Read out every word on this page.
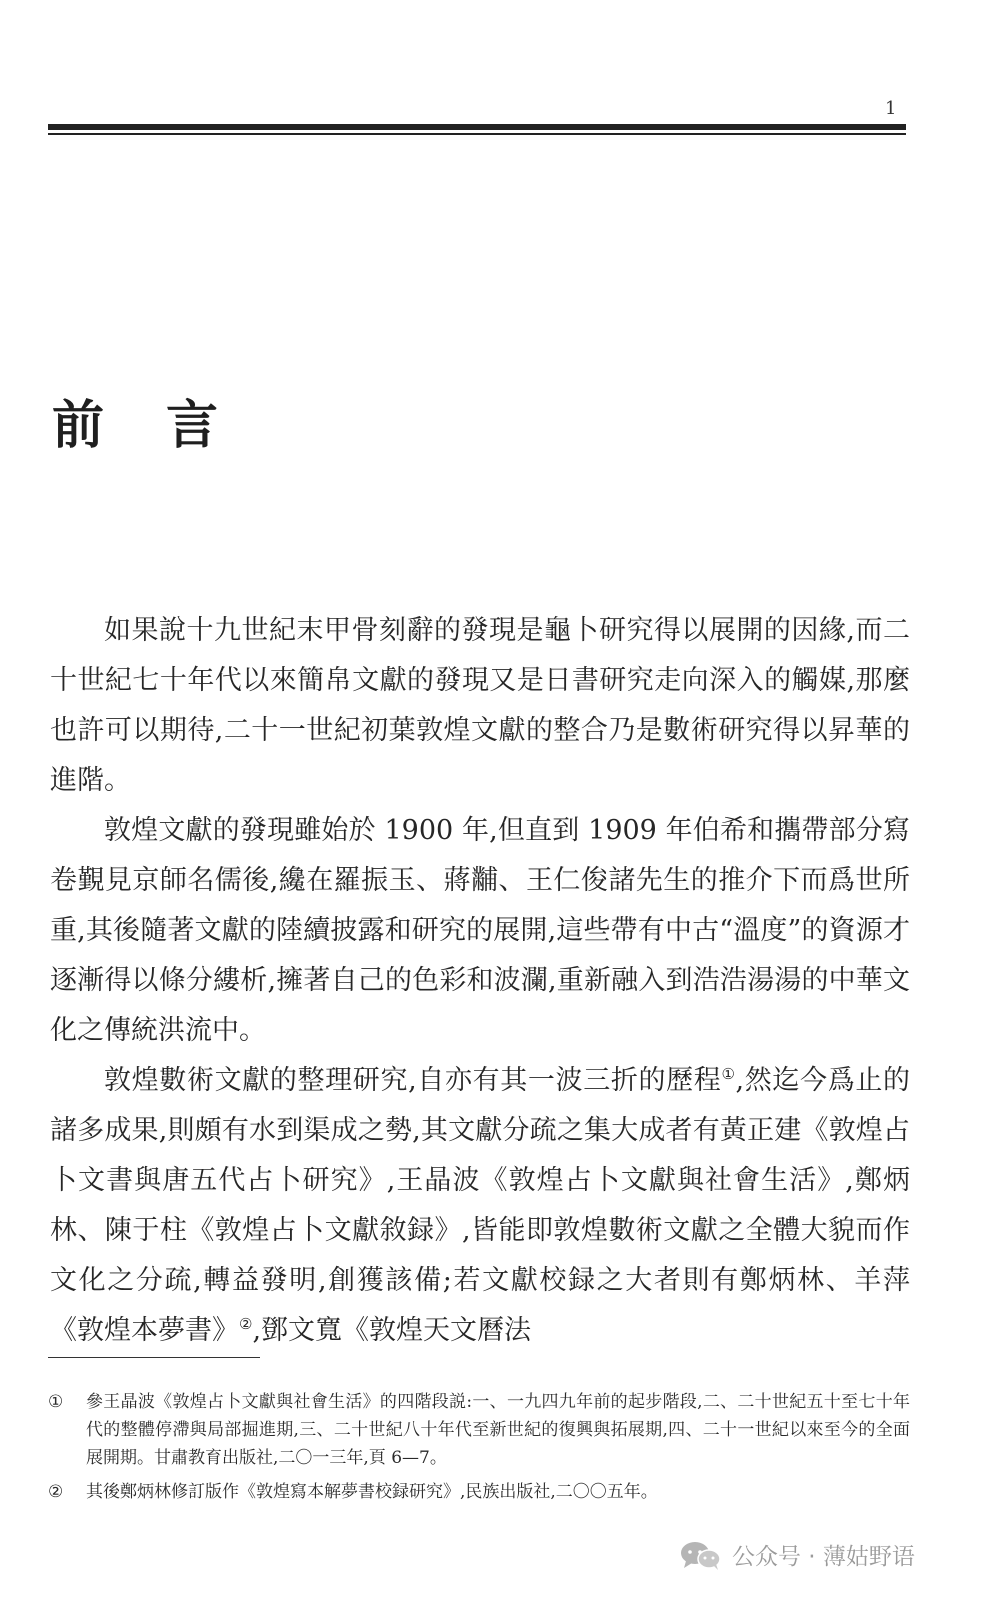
1
前言

如果說十九世紀末甲骨刻辭的發現是龜卜研究得以展開的因緣,而二十世紀七十年代以來簡帛文獻的發現又是日書研究走向深入的觸媒,那麼也許可以期待,二十一世紀初葉敦煌文獻的整合乃是數術研究得以昇華的進階。

敦煌文獻的發現雖始於 1900 年,但直到 1909 年伯希和攜帶部分寫卷覲見京師名儒後,纔在羅振玉、蔣黼、王仁俊諸先生的推介下而爲世所重,其後隨著文獻的陸續披露和研究的展開,這些帶有中古“溫度”的資源才逐漸得以條分縷析,擁著自己的色彩和波瀾,重新融入到浩浩湯湯的中華文化之傳統洪流中。

敦煌數術文獻的整理研究,自亦有其一波三折的歷程①,然迄今爲止的諸多成果,則頗有水到渠成之勢,其文獻分疏之集大成者有黃正建《敦煌占卜文書與唐五代占卜研究》,王晶波《敦煌占卜文獻與社會生活》,鄭炳林、陳于柱《敦煌占卜文獻敘録》,皆能即敦煌數術文獻之全體大貌而作文化之分疏,轉益發明,創獲該備;若文獻校録之大者則有鄭炳林、羊萍《敦煌本夢書》②,鄧文寬《敦煌天文曆法

①	參王晶波《敦煌占卜文獻與社會生活》的四階段説:一、一九四九年前的起步階段,二、二十世紀五十至七十年代的整體停滯與局部掘進期,三、二十世紀八十年代至新世紀的復興與拓展期,四、二十一世紀以來至今的全面展開期。甘肅教育出版社,二〇一三年,頁 6—7。
②	其後鄭炳林修訂版作《敦煌寫本解夢書校録研究》,民族出版社,二〇〇五年。
公众号 · 薄姑野语
